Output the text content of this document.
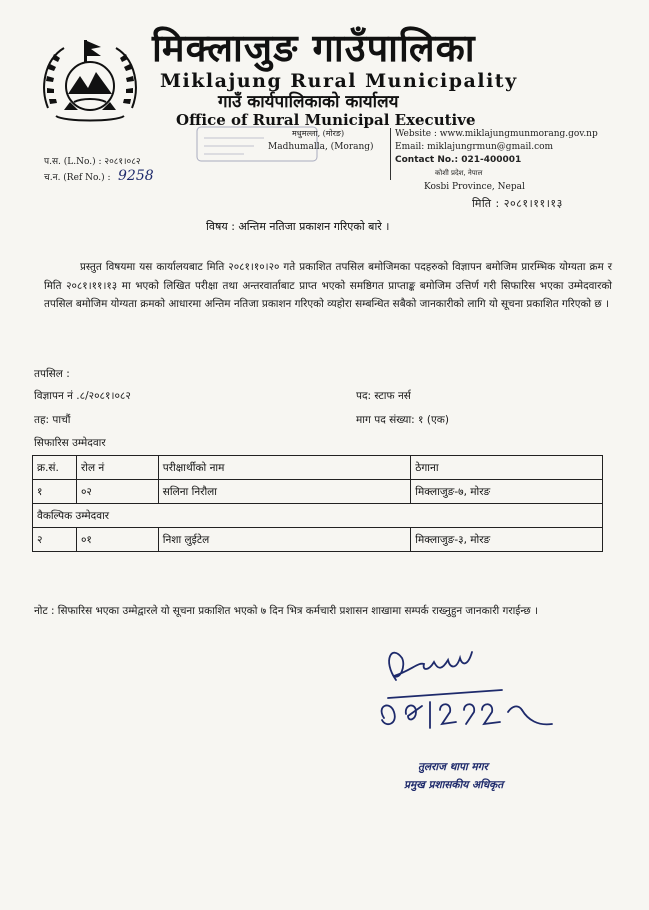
मिक्लाजुङ गाउँपालिका
Miklajung Rural Municipality
गाउँ कार्यपालिकाको कार्यालय
Office of Rural Municipal Executive
मधुमल्ला, (मोरङ)
Madhumalla, (Morang)
Website : www.miklajungmunmorang.gov.np
Email: miklajungrmun@gmail.com
Contact No.: 021-400001
कोशी प्रदेश, नेपाल
Kosbi Province, Nepal
मिति : २०८१।११।१३
प.स. (L.No.) : २०८१।०८२
च.न. (Ref No.) : 9258
विषय : अन्तिम नतिजा प्रकाशन गरिएको बारे ।
प्रस्तुत विषयमा यस कार्यालयबाट मिति २०८१।१०।२० गते प्रकाशित तपसिल बमोजिमका पदहरुको विज्ञापन बमोजिम प्रारम्भिक योग्यता क्रम र मिति २०८१।११।१३ मा भएको लिखित परीक्षा तथा अन्तरवार्ताबाट प्राप्त भएको समष्ठिगत प्राप्ताङ्क बमोजिम उत्तिर्ण गरी सिफारिस भएका उम्मेदवारको तपसिल बमोजिम योग्यता क्रमको आधारमा अन्तिम नतिजा प्रकाशन गरिएको व्यहोरा सम्बन्धित सबैको जानकारीको लागि यो सूचना प्रकाशित गरिएको छ ।
तपसिल :
विज्ञापन नं .८/२०८१।०८२	पद: स्टाफ नर्स
तह: पाचौं	माग पद संख्या: १ (एक)
सिफारिस उम्मेदवार
क्र.सं.	रोल नं	परीक्षार्थीको नाम	ठेगाना
१	०२	सलिना निरौला	मिक्लाजुङ-७, मोरङ
वैकल्पिक उम्मेदवार			
२	०१	निशा लुईटेल	मिक्लाजुङ-३, मोरङ
नोट : सिफारिस भएका उम्मेद्वारले यो सूचना प्रकाशित भएको ७ दिन भित्र कर्मचारी प्रशासन शाखामा सम्पर्क राख्नुहुन जानकारी गराईन्छ ।
तुलराज थापा मगर
प्रमुख प्रशासकीय अधिकृत
